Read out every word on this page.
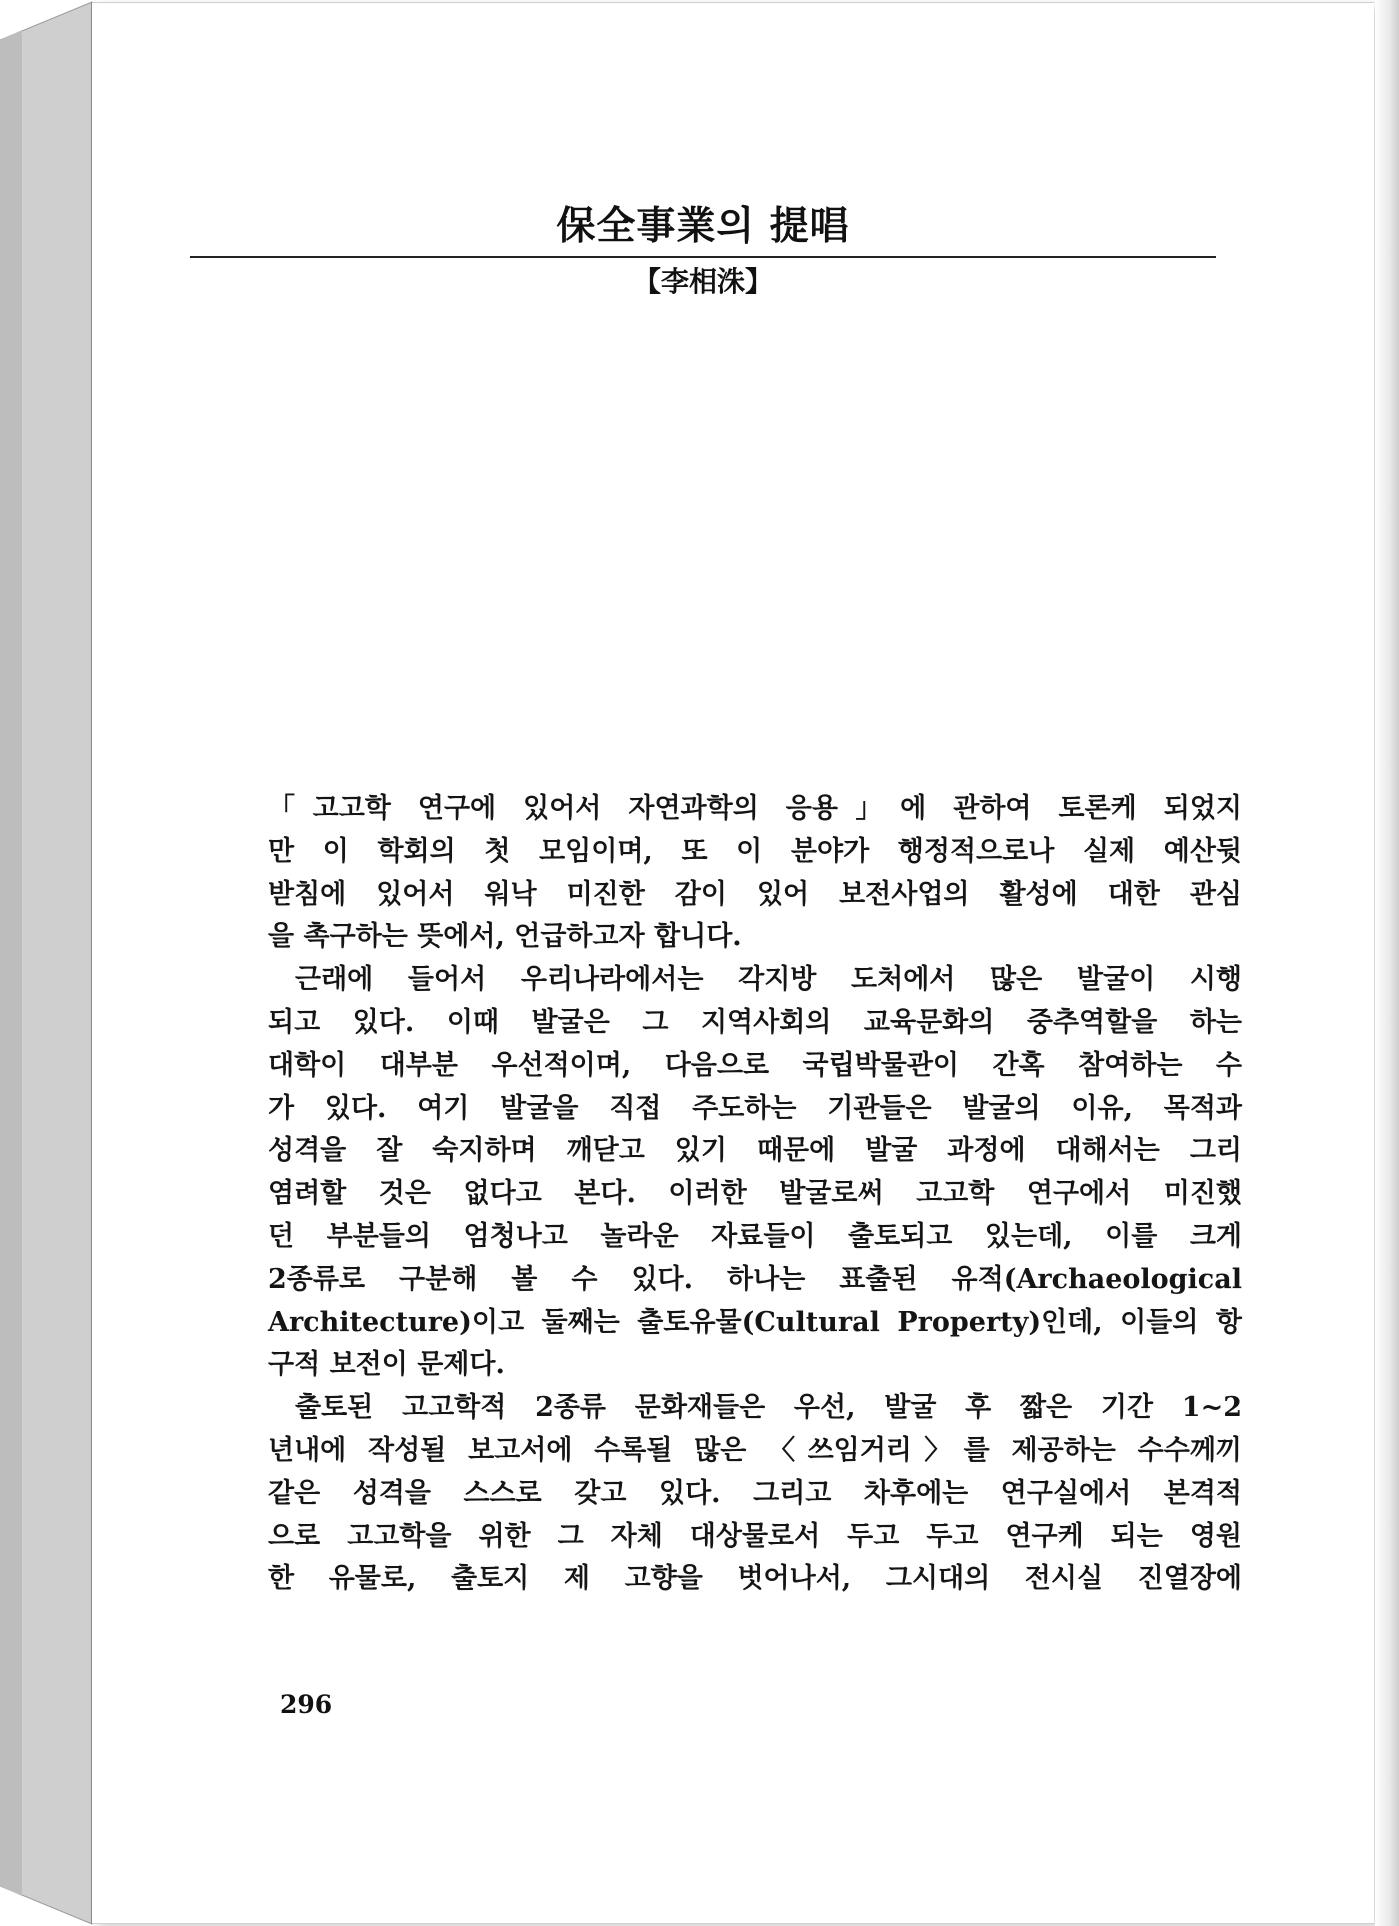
保全事業의 提唱
【李相洙】
「고고학 연구에 있어서 자연과학의 응용」에 관하여 토론케 되었지
만 이 학회의 첫 모임이며, 또 이 분야가 행정적으로나 실제 예산뒷
받침에 있어서 워낙 미진한 감이 있어 보전사업의 활성에 대한 관심
을 촉구하는 뜻에서, 언급하고자 합니다.
근래에 들어서 우리나라에서는 각지방 도처에서 많은 발굴이 시행
되고 있다. 이때 발굴은 그 지역사회의 교육문화의 중추역할을 하는
대학이 대부분 우선적이며, 다음으로 국립박물관이 간혹 참여하는 수
가 있다. 여기 발굴을 직접 주도하는 기관들은 발굴의 이유, 목적과
성격을 잘 숙지하며 깨닫고 있기 때문에 발굴 과정에 대해서는 그리
염려할 것은 없다고 본다. 이러한 발굴로써 고고학 연구에서 미진했
던 부분들의 엄청나고 놀라운 자료들이 출토되고 있는데, 이를 크게
2종류로 구분해 볼 수 있다. 하나는 표출된 유적(Archaeological
Architecture)이고 둘째는 출토유물(Cultural Property)인데, 이들의 항
구적 보전이 문제다.
출토된 고고학적 2종류 문화재들은 우선, 발굴 후 짧은 기간 1~2
년내에 작성될 보고서에 수록될 많은 〈쓰임거리〉를 제공하는 수수께끼
같은 성격을 스스로 갖고 있다. 그리고 차후에는 연구실에서 본격적
으로 고고학을 위한 그 자체 대상물로서 두고 두고 연구케 되는 영원
한 유물로, 출토지 제 고향을 벗어나서, 그시대의 전시실 진열장에
296
